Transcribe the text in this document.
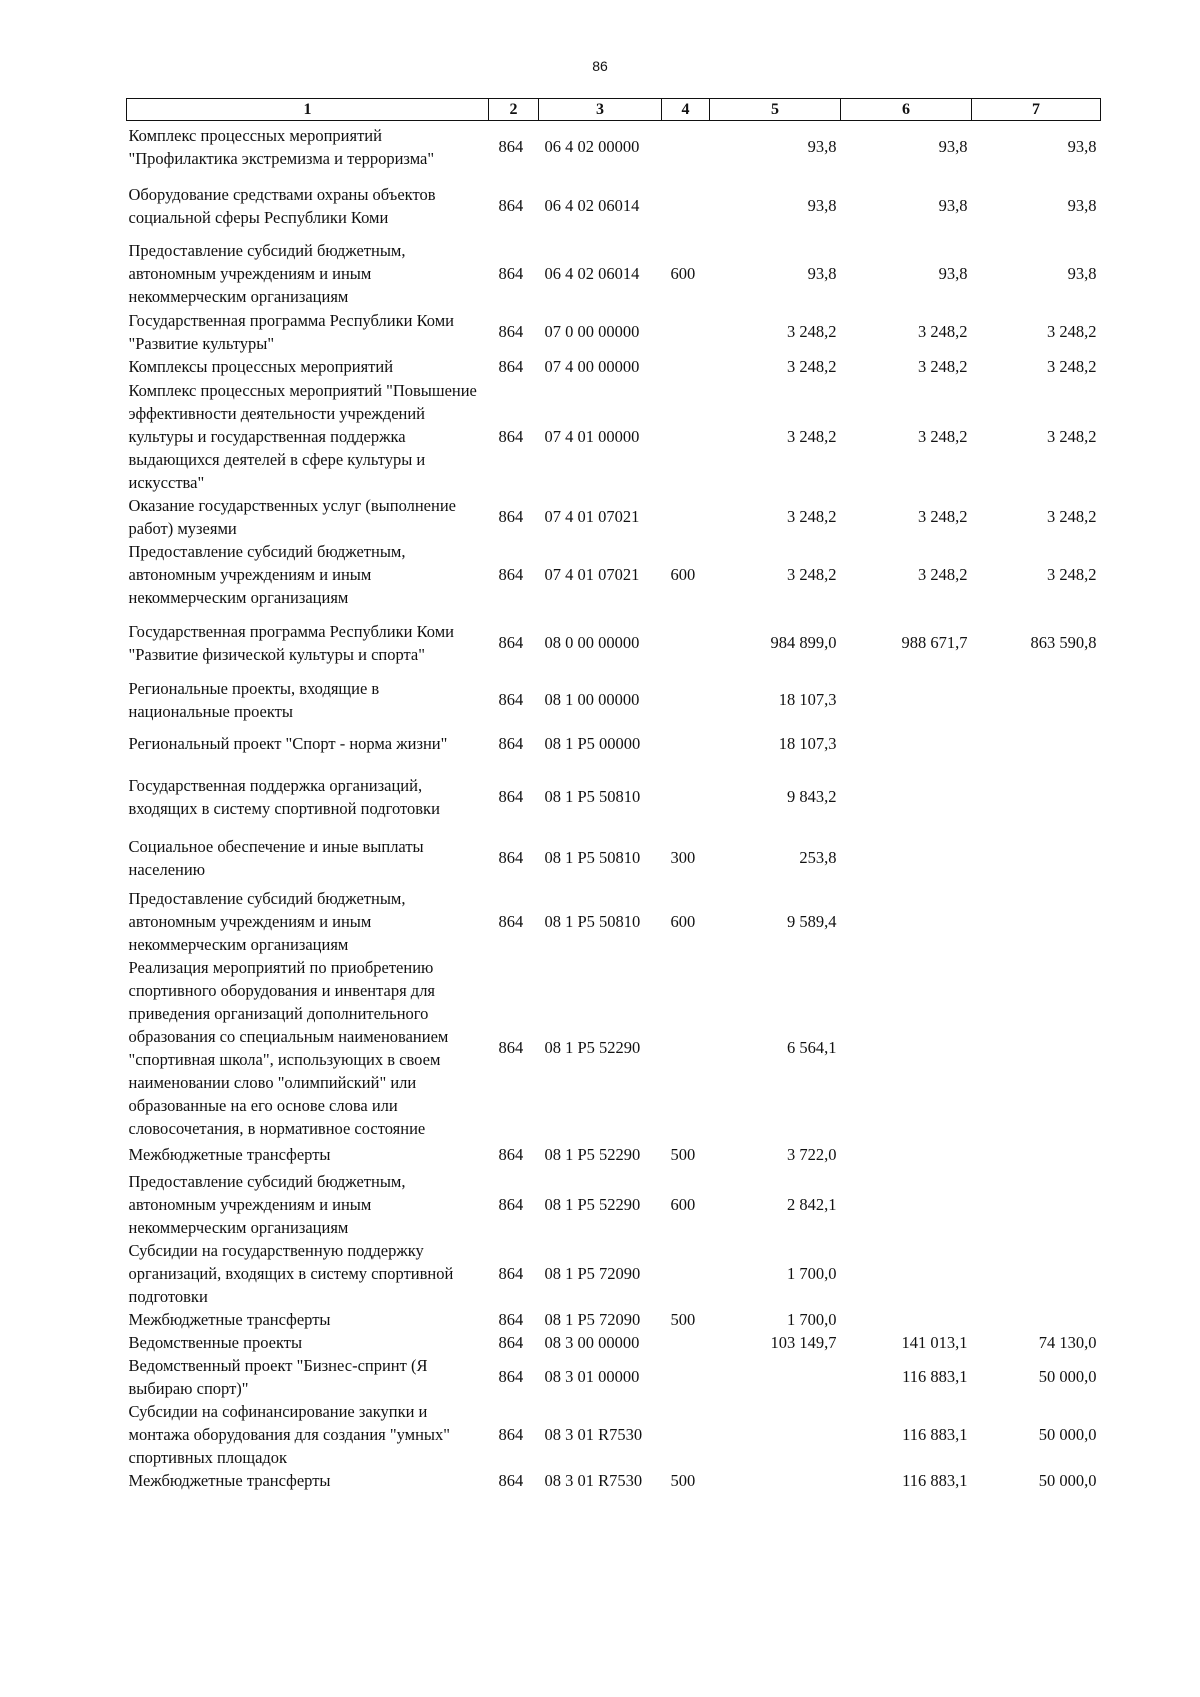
86
1	2	3	4	5	6	7
Комплекс процессных мероприятий "Профилактика экстремизма и терроризма"	864	06 4 02 00000		93,8	93,8	93,8
Оборудование средствами охраны объектов социальной сферы Республики Коми	864	06 4 02 06014		93,8	93,8	93,8
Предоставление субсидий бюджетным, автономным учреждениям и иным некоммерческим организациям	864	06 4 02 06014	600	93,8	93,8	93,8
Государственная программа Республики Коми "Развитие культуры"	864	07 0 00 00000		3 248,2	3 248,2	3 248,2
Комплексы процессных мероприятий	864	07 4 00 00000		3 248,2	3 248,2	3 248,2
Комплекс процессных мероприятий "Повышение эффективности деятельности учреждений культуры и государственная поддержка выдающихся деятелей в сфере культуры и искусства"	864	07 4 01 00000		3 248,2	3 248,2	3 248,2
Оказание государственных услуг (выполнение работ) музеями	864	07 4 01 07021		3 248,2	3 248,2	3 248,2
Предоставление субсидий бюджетным, автономным учреждениям и иным некоммерческим организациям	864	07 4 01 07021	600	3 248,2	3 248,2	3 248,2
Государственная программа Республики Коми "Развитие физической культуры и спорта"	864	08 0 00 00000		984 899,0	988 671,7	863 590,8
Региональные проекты, входящие в национальные проекты	864	08 1 00 00000		18 107,3		
Региональный проект "Спорт - норма жизни"	864	08 1 P5 00000		18 107,3		
Государственная поддержка организаций, входящих в систему спортивной подготовки	864	08 1 P5 50810		9 843,2		
Социальное обеспечение и иные выплаты населению	864	08 1 P5 50810	300	253,8		
Предоставление субсидий бюджетным, автономным учреждениям и иным некоммерческим организациям	864	08 1 P5 50810	600	9 589,4		
Реализация мероприятий по приобретению спортивного оборудования и инвентаря для приведения организаций дополнительного образования со специальным наименованием "спортивная школа", использующих в своем наименовании слово "олимпийский" или образованные на его основе слова или словосочетания, в нормативное состояние	864	08 1 P5 52290		6 564,1		
Межбюджетные трансферты	864	08 1 P5 52290	500	3 722,0		
Предоставление субсидий бюджетным, автономным учреждениям и иным некоммерческим организациям	864	08 1 P5 52290	600	2 842,1		
Субсидии на государственную поддержку организаций, входящих в систему спортивной подготовки	864	08 1 P5 72090		1 700,0		
Межбюджетные трансферты	864	08 1 P5 72090	500	1 700,0		
Ведомственные проекты	864	08 3 00 00000		103 149,7	141 013,1	74 130,0
Ведомственный проект "Бизнес-спринт (Я выбираю спорт)"	864	08 3 01 00000			116 883,1	50 000,0
Субсидии на софинансирование закупки и монтажа оборудования для создания "умных" спортивных площадок	864	08 3 01 R7530			116 883,1	50 000,0
Межбюджетные трансферты	864	08 3 01 R7530	500		116 883,1	50 000,0
